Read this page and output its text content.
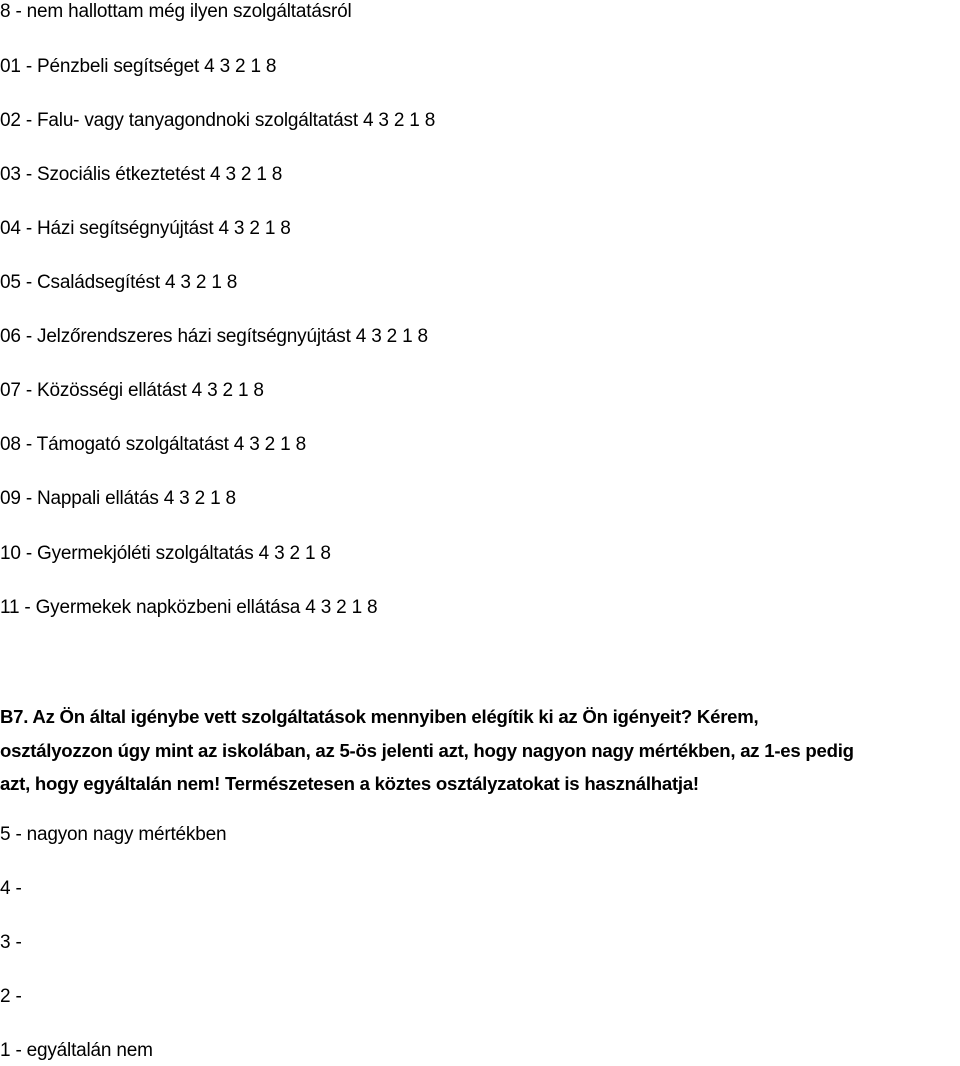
8 - nem hallottam még ilyen szolgáltatásról
01 - Pénzbeli segítséget 4 3 2 1 8
02 - Falu- vagy tanyagondnoki szolgáltatást 4 3 2 1 8
03 - Szociális étkeztetést 4 3 2 1 8
04 - Házi segítségnyújtást 4 3 2 1 8
05 - Családsegítést 4 3 2 1 8
06 - Jelzőrendszeres házi segítségnyújtást 4 3 2 1 8
07 - Közösségi ellátást 4 3 2 1 8
08 - Támogató szolgáltatást 4 3 2 1 8
09 - Nappali ellátás 4 3 2 1 8
10 - Gyermekjóléti szolgáltatás 4 3 2 1 8
11 - Gyermekek napközbeni ellátása 4 3 2 1 8
B7. Az Ön által igénybe vett szolgáltatások mennyiben elégítik ki az Ön igényeit? Kérem,
osztályozzon úgy mint az iskolában, az 5-ös jelenti azt, hogy nagyon nagy mértékben, az 1-es pedig
azt, hogy egyáltalán nem! Természetesen a köztes osztályzatokat is használhatja!
5 - nagyon nagy mértékben
4 -
3 -
2 -
1 - egyáltalán nem
